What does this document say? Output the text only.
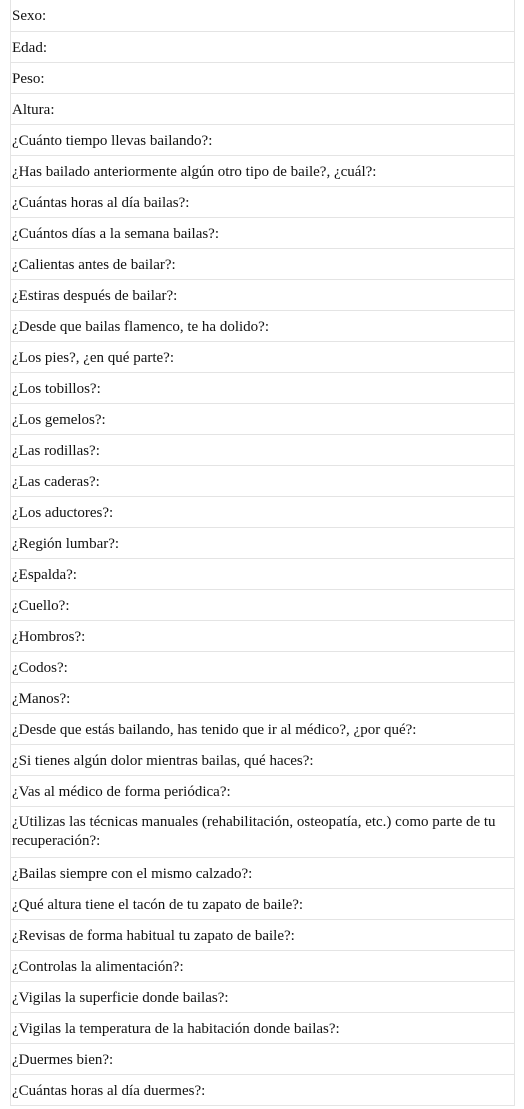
Sexo:
Edad:
Peso:
Altura:
¿Cuánto tiempo llevas bailando?:
¿Has bailado anteriormente algún otro tipo de baile?, ¿cuál?:
¿Cuántas horas al día bailas?:
¿Cuántos días a la semana bailas?:
¿Calientas antes de bailar?:
¿Estiras después de bailar?:
¿Desde que bailas flamenco, te ha dolido?:
¿Los pies?, ¿en qué parte?:
¿Los tobillos?:
¿Los gemelos?:
¿Las rodillas?:
¿Las caderas?:
¿Los aductores?:
¿Región lumbar?:
¿Espalda?:
¿Cuello?:
¿Hombros?:
¿Codos?:
¿Manos?:
¿Desde que estás bailando, has tenido que ir al médico?, ¿por qué?:
¿Si tienes algún dolor mientras bailas, qué haces?:
¿Vas al médico de forma periódica?:
¿Utilizas las técnicas manuales (rehabilitación, osteopatía, etc.) como parte de tu recuperación?:
¿Bailas siempre con el mismo calzado?:
¿Qué altura tiene el tacón de tu zapato de baile?:
¿Revisas de forma habitual tu zapato de baile?:
¿Controlas la alimentación?:
¿Vigilas la superficie donde bailas?:
¿Vigilas la temperatura de la habitación donde bailas?:
¿Duermes bien?:
¿Cuántas horas al día duermes?:
